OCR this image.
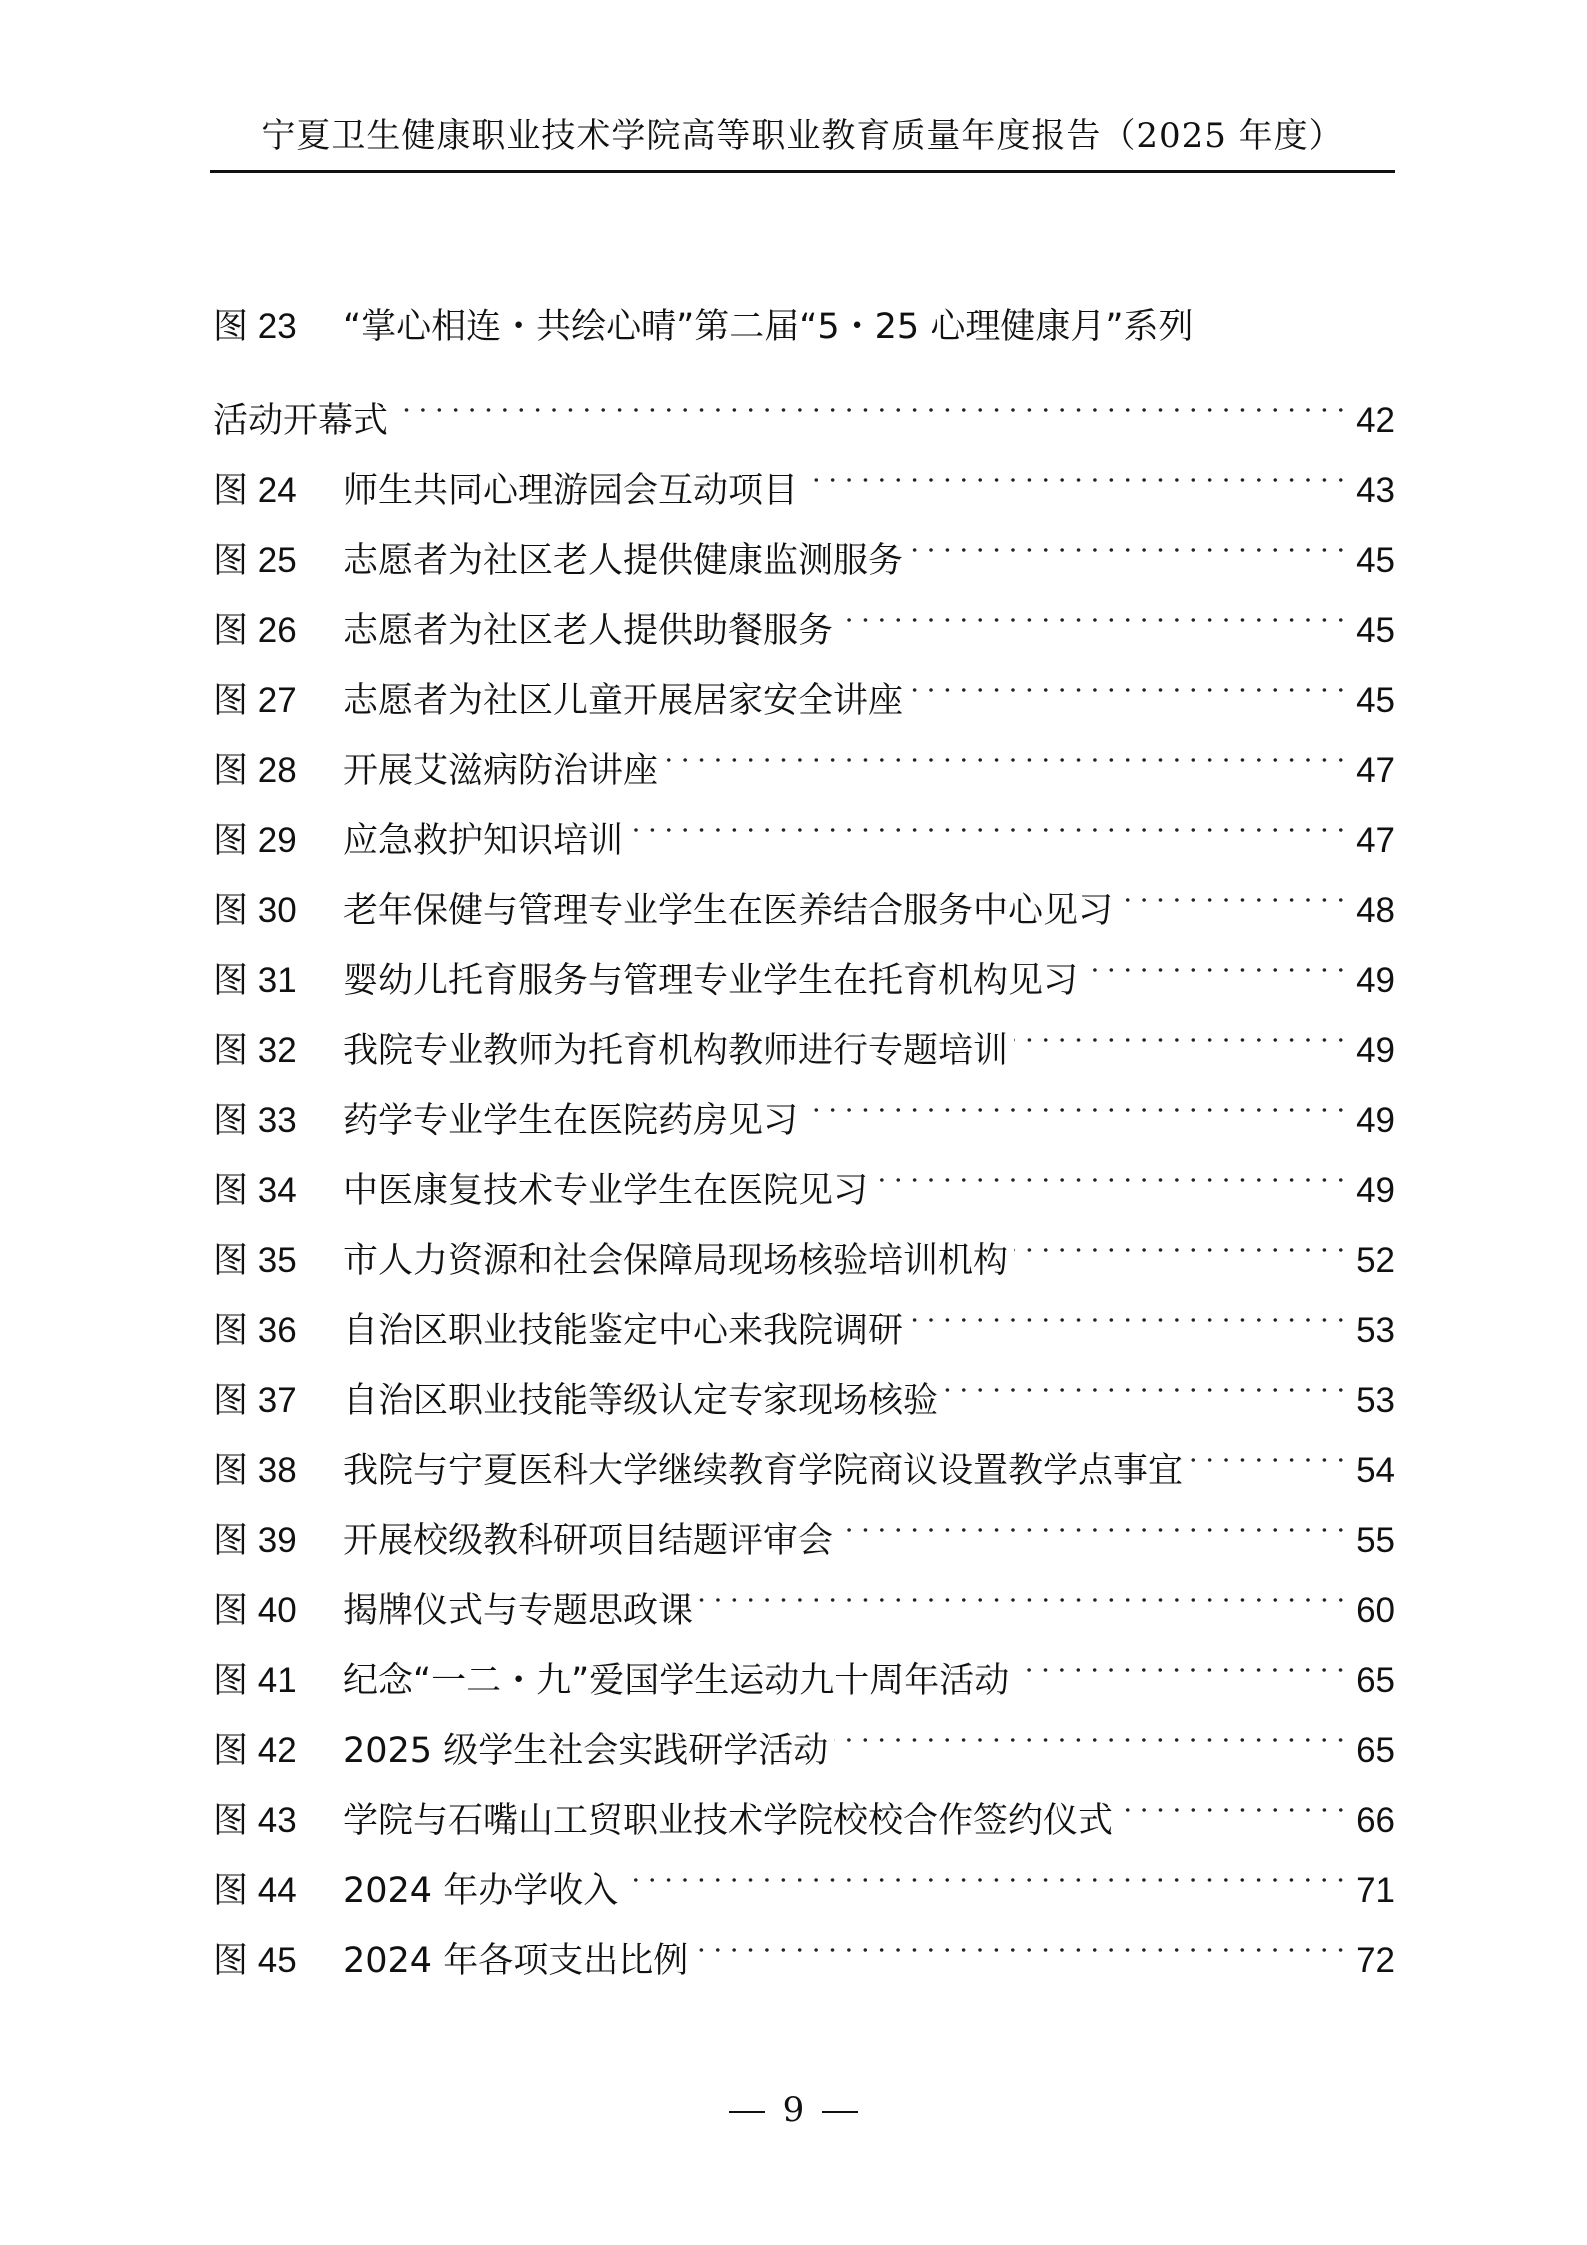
宁夏卫生健康职业技术学院高等职业教育质量年度报告（2025 年度）
图 23	“掌心相连・共绘心晴”第二届“5・25 心理健康月”系列
活动开幕式	42
图 24	师生共同心理游园会互动项目	43
图 25	志愿者为社区老人提供健康监测服务	45
图 26	志愿者为社区老人提供助餐服务	45
图 27	志愿者为社区儿童开展居家安全讲座	45
图 28	开展艾滋病防治讲座	47
图 29	应急救护知识培训	47
图 30	老年保健与管理专业学生在医养结合服务中心见习	48
图 31	婴幼儿托育服务与管理专业学生在托育机构见习	49
图 32	我院专业教师为托育机构教师进行专题培训	49
图 33	药学专业学生在医院药房见习	49
图 34	中医康复技术专业学生在医院见习	49
图 35	市人力资源和社会保障局现场核验培训机构	52
图 36	自治区职业技能鉴定中心来我院调研	53
图 37	自治区职业技能等级认定专家现场核验	53
图 38	我院与宁夏医科大学继续教育学院商议设置教学点事宜	54
图 39	开展校级教科研项目结题评审会	55
图 40	揭牌仪式与专题思政课	60
图 41	纪念“一二・九”爱国学生运动九十周年活动	65
图 42	2025 级学生社会实践研学活动	65
图 43	学院与石嘴山工贸职业技术学院校校合作签约仪式	66
图 44	2024 年办学收入	71
图 45	2024 年各项支出比例	72
9
